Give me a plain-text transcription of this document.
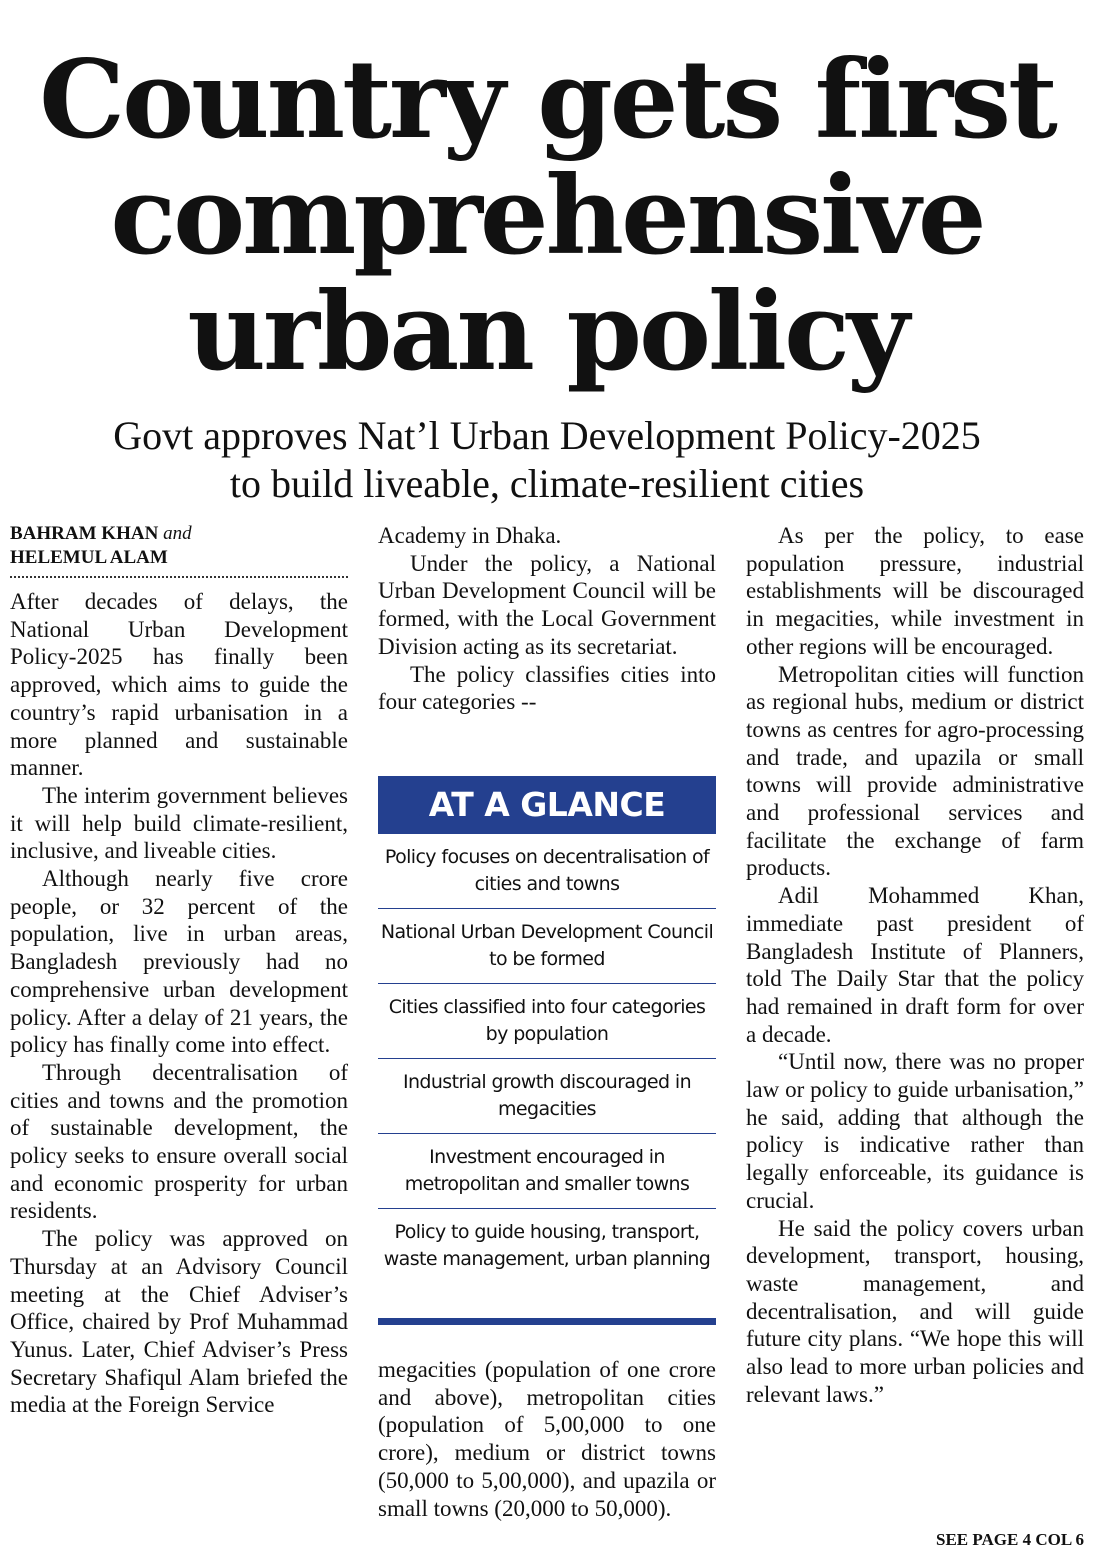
Country gets first
comprehensive
urban policy
Govt approves Nat’l Urban Development Policy-2025
to build liveable, climate-resilient cities
BAHRAM KHAN and
HELEMUL ALAM

After decades of delays, the National Urban Development Policy-2025 has finally been approved, which aims to guide the country’s rapid urbanisation in a more planned and sustainable manner.

The interim government believes it will help build climate-resilient, inclusive, and liveable cities.

Although nearly five crore people, or 32 percent of the population, live in urban areas, Bangladesh previously had no comprehensive urban development policy. After a delay of 21 years, the policy has finally come into effect.

Through decentralisation of cities and towns and the promotion of sustainable development, the policy seeks to ensure overall social and economic prosperity for urban residents.

The policy was approved on Thursday at an Advisory Council meeting at the Chief Adviser’s Office, chaired by Prof Muhammad Yunus. Later, Chief Adviser’s Press Secretary Shafiqul Alam briefed the media at the Foreign Service

Academy in Dhaka.

Under the policy, a National Urban Development Council will be formed, with the Local Government Division acting as its secretariat.

The policy classifies cities into four categories --

AT A GLANCE
Policy focuses on decentralisation of cities and towns
National Urban Development Council to be formed
Cities classified into four categories by population
Industrial growth discouraged in megacities
Investment encouraged in metropolitan and smaller towns
Policy to guide housing, transport, waste management, urban planning

megacities (population of one crore and above), metropolitan cities (population of 5,00,000 to one crore), medium or district towns (50,000 to 5,00,000), and upazila or small towns (20,000 to 50,000).

As per the policy, to ease population pressure, industrial establishments will be discouraged in megacities, while investment in other regions will be encouraged.

Metropolitan cities will function as regional hubs, medium or district towns as centres for agro-processing and trade, and upazila or small towns will provide administrative and professional services and facilitate the exchange of farm products.

Adil Mohammed Khan, immediate past president of Bangladesh Institute of Planners, told The Daily Star that the policy had remained in draft form for over a decade.

“Until now, there was no proper law or policy to guide urbanisation,” he said, adding that although the policy is indicative rather than legally enforceable, its guidance is crucial.

He said the policy covers urban development, transport, housing, waste management, and decentralisation, and will guide future city plans. “We hope this will also lead to more urban policies and relevant laws.”

SEE PAGE 4 COL 6
